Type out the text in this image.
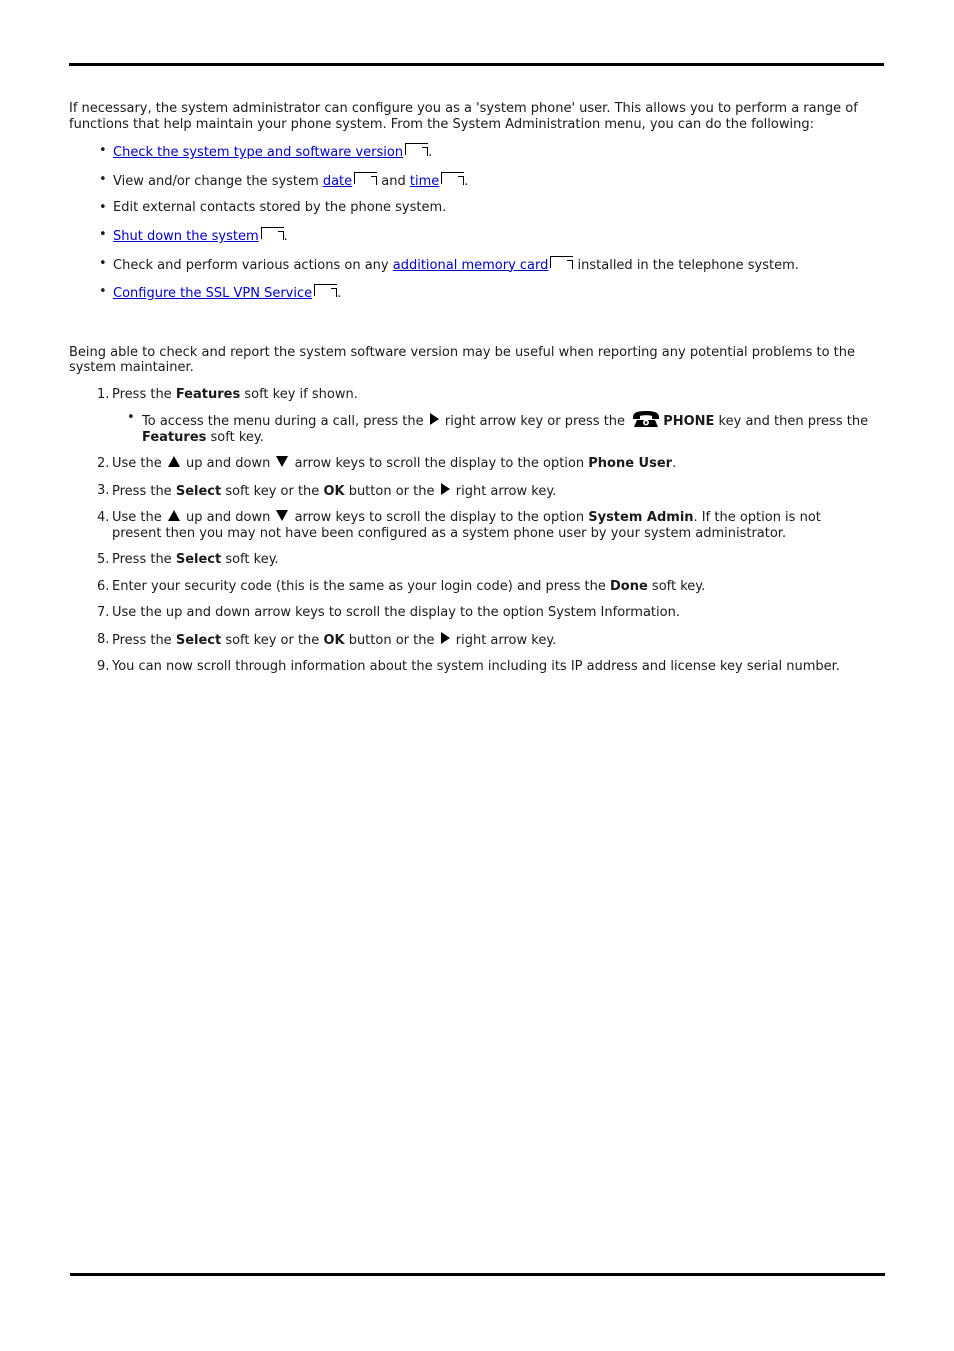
If necessary, the system administrator can configure you as a 'system phone' user. This allows you to perform a range of functions that help maintain your phone system. From the System Administration menu, you can do the following:

• Check the system type and software version .
• View and/or change the system date and time .
• Edit external contacts stored by the phone system.
• Shut down the system .
• Check and perform various actions on any additional memory card installed in the telephone system.
• Configure the SSL VPN Service .

Being able to check and report the system software version may be useful when reporting any potential problems to the system maintainer.

1. Press the Features soft key if shown.
• To access the menu during a call, press the  right arrow key or press the	PHONE key and then press the Features soft key.
2. Use the  up and down  arrow keys to scroll the display to the option Phone User.
3. Press the Select soft key or the OK button or the  right arrow key.
4. Use the  up and down  arrow keys to scroll the display to the option System Admin. If the option is not present then you may not have been configured as a system phone user by your system administrator.
5. Press the Select soft key.
6. Enter your security code (this is the same as your login code) and press the Done soft key.
7. Use the up and down arrow keys to scroll the display to the option System Information.
8. Press the Select soft key or the OK button or the  right arrow key.
9. You can now scroll through information about the system including its IP address and license key serial number.
